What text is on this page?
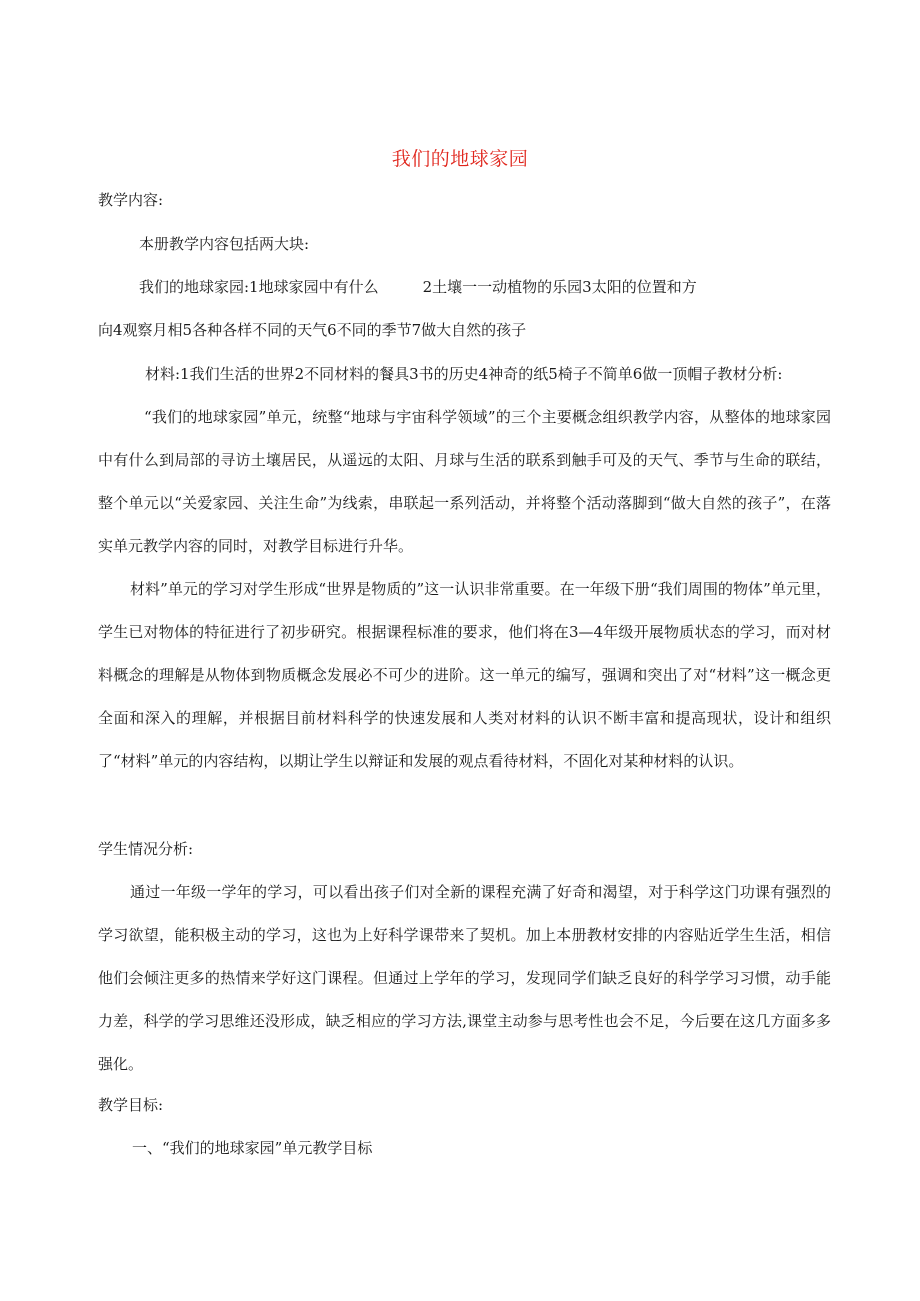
我们的地球家园
教学内容:
本册教学内容包括两大块:
我们的地球家园:1地球家园中有什么	2土壤一一动植物的乐园3太阳的位置和方
向4观察月相5各种各样不同的天气6不同的季节7做大自然的孩子
材料:1我们生活的世界2不同材料的餐具3书的历史4神奇的纸5椅子不简单6做一顶帽子教材分析:

“我们的地球家园”单元，统整“地球与宇宙科学领域”的三个主要概念组织教学内容，从整体的地球家园中有什么到局部的寻访土壤居民，从遥远的太阳、月球与生活的联系到触手可及的天气、季节与生命的联结，整个单元以“关爱家园、关注生命”为线索，串联起一系列活动，并将整个活动落脚到“做大自然的孩子”，在落实单元教学内容的同时，对教学目标进行升华。

材料”单元的学习对学生形成“世界是物质的”这一认识非常重要。在一年级下册“我们周围的物体”单元里，学生已对物体的特征进行了初步研究。根据课程标准的要求，他们将在3—4年级开展物质状态的学习，而对材料概念的理解是从物体到物质概念发展必不可少的进阶。这一单元的编写，强调和突出了对“材料”这一概念更全面和深入的理解，并根据目前材料科学的快速发展和人类对材料的认识不断丰富和提高现状，设计和组织了“材料”单元的内容结构，以期让学生以辩证和发展的观点看待材料，不固化对某种材料的认识。

学生情况分析:

通过一年级一学年的学习，可以看出孩子们对全新的课程充满了好奇和渴望，对于科学这门功课有强烈的学习欲望，能积极主动的学习，这也为上好科学课带来了契机。加上本册教材安排的内容贴近学生生活，相信他们会倾注更多的热情来学好这门课程。但通过上学年的学习，发现同学们缺乏良好的科学学习习惯，动手能力差，科学的学习思维还没形成，缺乏相应的学习方法,课堂主动参与思考性也会不足，今后要在这几方面多多强化。

教学目标:
一、“我们的地球家园”单元教学目标
